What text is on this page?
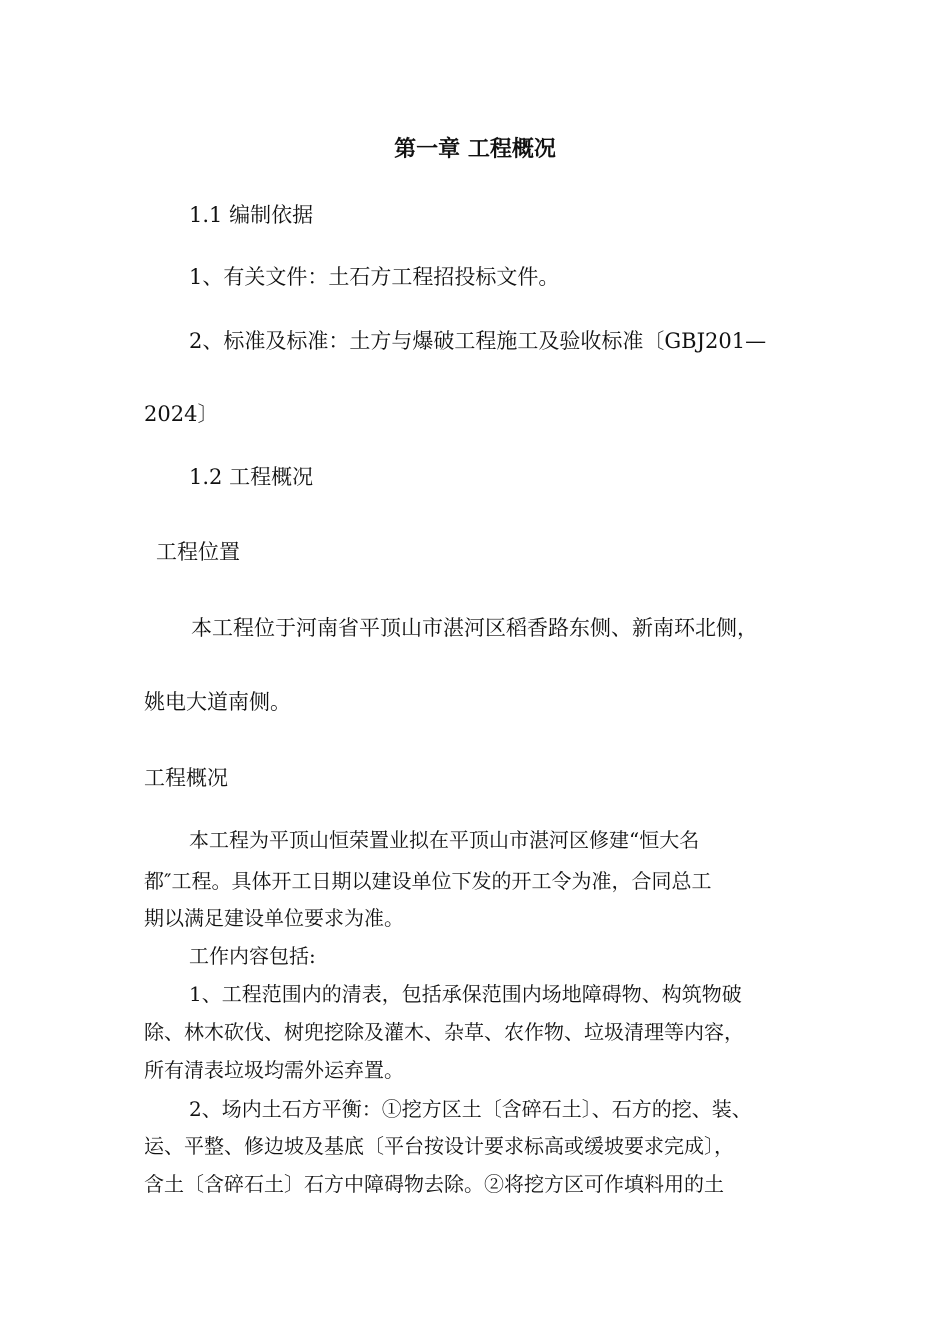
第一章 工程概况
1.1 编制依据
1、有关文件：土石方工程招投标文件。
2、标准及标准：土方与爆破工程施工及验收标准〔GBJ201—
2024〕
1.2 工程概况
工程位置
本工程位于河南省平顶山市湛河区稻香路东侧、新南环北侧，
姚电大道南侧。
工程概况
本工程为平顶山恒荣置业拟在平顶山市湛河区修建“恒大名
都″工程。具体开工日期以建设单位下发的开工令为准，合同总工
期以满足建设单位要求为准。
工作内容包括:
1、工程范围内的清表，包括承保范围内场地障碍物、构筑物破
除、林木砍伐、树兜挖除及灌木、杂草、农作物、垃圾清理等内容，
所有清表垃圾均需外运弃置。
2、场内土石方平衡：①挖方区土〔含碎石土〕、石方的挖、装、
运、平整、修边坡及基底〔平台按设计要求标高或缓坡要求完成〕，
含土〔含碎石土〕石方中障碍物去除。②将挖方区可作填料用的土
